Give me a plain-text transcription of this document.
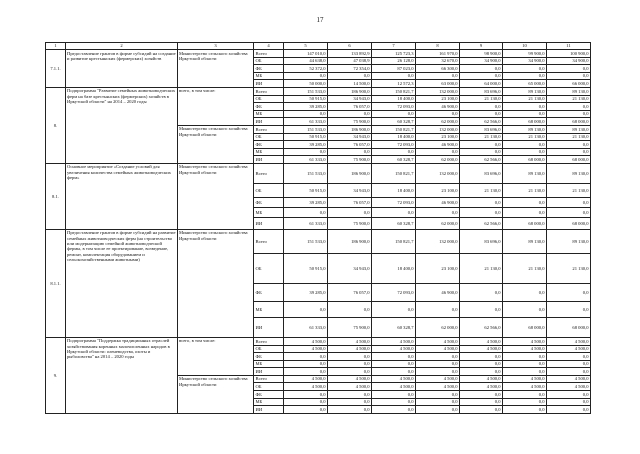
17
1	2	3	4	5	6	7	8	9	10	11
7.1.1.	Предоставление грантов в форме субсидий на создание и развитие крестьянских (фермерских) хозяйств	Министерство сельского хозяйства Иркутской области	Всего	147 010,0	133 892,9	125 723,3	161 970,0	98 900,0	99 900,0	100 900,0
			ОБ	44 638,0	47 038,9	26 128,0	32 670,0	34 900,0	34 900,0	34 900,0
			ФБ	52 372,0	72 354,0	87 023,0	66 300,0	0,0	0,0	0,0
			МБ	0,0	0,0	0,0	0,0	0,0	0,0	0,0
			ИИ	50 000,0	14 500,0	12 572,3	63 000,0	64 000,0	65 000,0	66 000,0
8.	Подпрограмма "Развитие семейных животноводческих ферм на базе крестьянских (фермерских) хозяйств в Иркутской области" на 2014 – 2020 годы	всего, в том числе:	Всего	151 533,0	186 900,0	150 821,7	132 000,0	83 696,0	89 130,0	89 130,0
			ОБ	50 915,0	34 943,0	18 400,0	23 100,0	21 130,0	21 130,0	21 130,0
			ФБ	39 285,0	76 057,0	72 093,0	46 900,0	0,0	0,0	0,0
			МБ	0,0	0,0	0,0	0,0	0,0	0,0	0,0
			ИИ	61 333,0	75 900,0	60 328,7	62 000,0	62 566,0	68 000,0	68 000,0
		Министерство сельского хозяйства Иркутской области	Всего	151 533,0	186 900,0	150 821,7	132 000,0	83 696,0	89 130,0	89 130,0
			ОБ	50 915,0	34 943,0	18 400,0	23 100,0	21 130,0	21 130,0	21 130,0
			ФБ	39 285,0	76 057,0	72 093,0	46 900,0	0,0	0,0	0,0
			МБ	0,0	0,0	0,0	0,0	0,0	0,0	0,0
			ИИ	61 333,0	75 900,0	60 328,7	62 000,0	62 566,0	68 000,0	68 000,0
8.1.	Основное мероприятие «Создание условий для увеличения количества семейных животноводческих ферм»	Министерство сельского хозяйства Иркутской области	Всего	151 533,0	186 900,0	150 821,7	132 000,0	83 696,0	89 130,0	89 130,0
			ОБ	50 915,0	34 943,0	18 400,0	23 100,0	21 130,0	21 130,0	21 130,0
			ФБ	39 285,0	76 057,0	72 093,0	46 900,0	0,0	0,0	0,0
			МБ	0,0	0,0	0,0	0,0	0,0	0,0	0,0
			ИИ	61 333,0	75 900,0	60 328,7	62 000,0	62 566,0	68 000,0	68 000,0
8.1.1.	Предоставление грантов в форме субсидий на развитие семейных животноводческих ферм (на строительство или модернизацию семейной животноводческой фермы, в том числе ее проектирование, возведение, ремонт, комплектация оборудованием и сельскохозяйственными животными)	Министерство сельского хозяйства Иркутской области	Всего	151 533,0	186 900,0	150 821,7	132 000,0	83 696,0	89 130,0	89 130,0
			ОБ	50 915,0	34 943,0	18 400,0	23 100,0	21 130,0	21 130,0	21 130,0
			ФБ	39 285,0	76 057,0	72 093,0	46 900,0	0,0	0,0	0,0
			МБ	0,0	0,0	0,0	0,0	0,0	0,0	0,0
			ИИ	61 333,0	75 900,0	60 328,7	62 000,0	62 566,0	68 000,0	68 000,0
9.	Подпрограмма "Поддержка традиционных отраслей хозяйствования коренных малочисленных народов в Иркутской области: оленеводства, охоты и рыболовства" на 2014 – 2020 годы	всего, в том числе:	Всего	4 500,0	4 500,0	4 500,0	4 500,0	4 500,0	4 500,0	4 500,0
			ОБ	4 500,0	4 500,0	4 500,0	4 500,0	4 500,0	4 500,0	4 500,0
			ФБ	0,0	0,0	0,0	0,0	0,0	0,0	0,0
			МБ	0,0	0,0	0,0	0,0	0,0	0,0	0,0
			ИИ	0,0	0,0	0,0	0,0	0,0	0,0	0,0
		Министерство сельского хозяйства Иркутской области	Всего	4 500,0	4 500,0	4 500,0	4 500,0	4 500,0	4 500,0	4 500,0
			ОБ	4 500,0	4 500,0	4 500,0	4 500,0	4 500,0	4 500,0	4 500,0
			ФБ	0,0	0,0	0,0	0,0	0,0	0,0	0,0
			МБ	0,0	0,0	0,0	0,0	0,0	0,0	0,0
			ИИ	0,0	0,0	0,0	0,0	0,0	0,0	0,0
